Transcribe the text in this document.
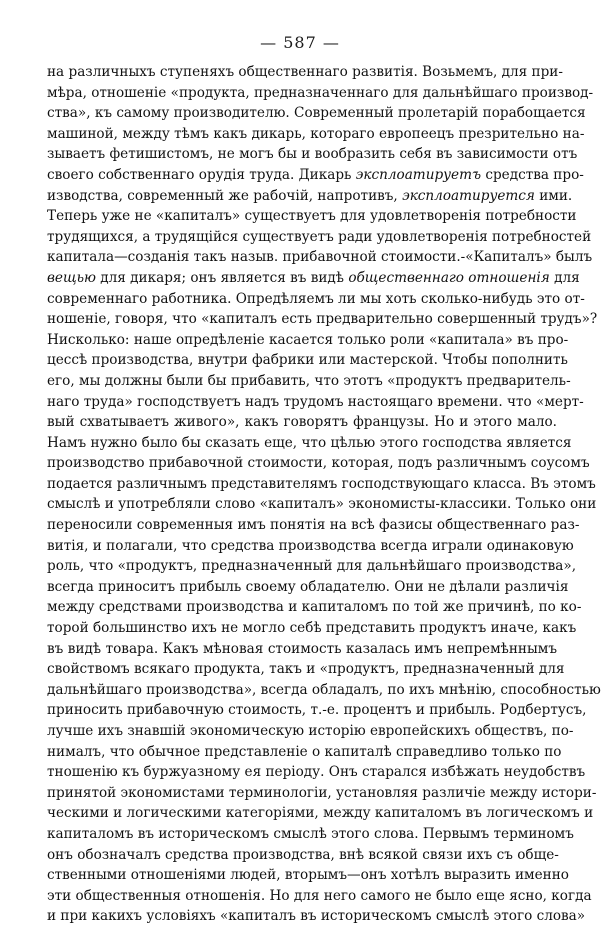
— 587 —
на различныхъ ступеняхъ общественнаго развитія. Возьмемъ, для при-
мѣра, отношеніе «продукта, предназначеннаго для дальнѣйшаго производ-
ства», къ самому производителю. Современный пролетарій порабощается
машиной, между тѣмъ какъ дикарь, котораго европеецъ презрительно на-
зываетъ фетишистомъ, не могъ бы и вообразить себя въ зависимости отъ
своего собственнаго орудія труда. Дикарь эксплоатируетъ средства про-
изводства, современный же рабочій, напротивъ, эксплоатируется ими.
Теперь уже не «капиталъ» существуетъ для удовлетворенія потребности
трудящихся, а трудящійся существуетъ ради удовлетворенія потребностей
капитала—созданія такъ назыв. прибавочной стоимости.-«Капиталъ» былъ
вещью для дикаря; онъ является въ видѣ общественнаго отношенія для
современнаго работника. Опредѣляемъ ли мы хоть сколько-нибудь это от-
ношеніе, говоря, что «капиталъ есть предварительно совершенный трудъ»?
Нисколько: наше опредѣленіе касается только роли «капитала» въ про-
цессѣ производства, внутри фабрики или мастерской. Чтобы пополнить
его, мы должны были бы прибавить, что этотъ «продуктъ предваритель-
наго труда» господствуетъ надъ трудомъ настоящаго времени. что «мерт-
вый схватываетъ живого», какъ говорятъ французы. Но и этого мало.
Намъ нужно было бы сказать еще, что цѣлью этого господства является
производство прибавочной стоимости, которая, подъ различнымъ соусомъ
подается различнымъ представителямъ господствующаго класса. Въ этомъ
смыслѣ и употребляли слово «капиталъ» экономисты-классики. Только они
переносили современныя имъ понятія на всѣ фазисы общественнаго раз-
витія, и полагали, что средства производства всегда играли одинаковую
роль, что «продуктъ, предназначенный для дальнѣйшаго производства»,
всегда приноситъ прибыль своему обладателю. Они не дѣлали различія
между средствами производства и капиталомъ по той же причинѣ, по ко-
торой большинство ихъ не могло себѣ представить продуктъ иначе, какъ
въ видѣ товара. Какъ мѣновая стоимость казалась имъ непремѣннымъ
свойствомъ всякаго продукта, такъ и «продуктъ, предназначенный для
дальнѣйшаго производства», всегда обладалъ, по ихъ мнѣнію, способностью
приносить прибавочную стоимость, т.-е. процентъ и прибыль. Родбертусъ,
лучше ихъ знавшій экономическую исторію европейскихъ обществъ, по-
нималъ, что обычное представленіе о капиталѣ справедливо только по
тношенію къ буржуазному ея періоду. Онъ старался избѣжать неудобствъ
принятой экономистами терминологіи, установляя различіе между истори-
ческими и логическими категоріями, между капиталомъ въ логическомъ и
капиталомъ въ историческомъ смыслѣ этого слова. Первымъ терминомъ
онъ обозначалъ средства производства, внѣ всякой связи ихъ съ обще-
ственными отношеніями людей, вторымъ—онъ хотѣлъ выразить именно
эти общественныя отношенія. Но для него самого не было еще ясно, когда
и при какихъ условіяхъ «капиталъ въ историческомъ смыслѣ этого слова»
